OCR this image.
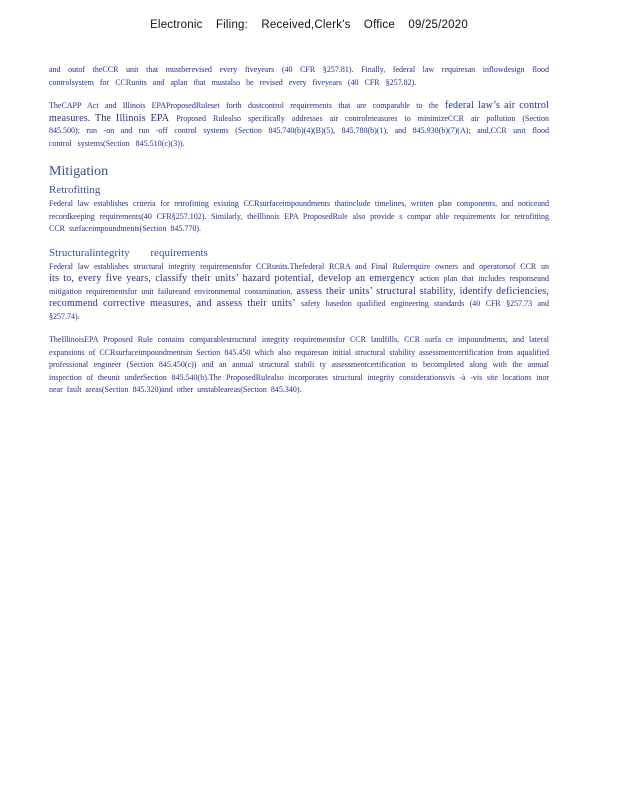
Electronic Filing: Received,Clerk's Office 09/25/2020

and outof theCCR unit that mustberevised every fiveyears (40 CFR §257.81). Finally, federal law requiresan inflowdesign flood controlsystem for CCRunits and aplan that mustalso be revised every fiveyears (40 CFR §257.82).

TheCAPP Act and Illinois EPAProposedRuleset forth dustcontrol requirements that are comparable to the federal law’s air control measures. The Illinois EPA Proposed Rulealso specifically addresses air controlmeasures to minimizeCCR air pollution (Section 845.500); run -on and run -off control systems (Section 845.740(b)(4)(B)(5), 845.780(b)(1), and 845.930(b)(7)(A); and,CCR unit flood control systems(Section 845.510(c)(3)).

Mitigation
Retrofitting

Federal law establishes criteria for retrofitting existing CCRsurfaceimpoundments thatinclude timelines, written plan components, and noticeand recordkeeping requirements(40 CFR§257.102). Similarly, theIllinois EPA ProposedRule also provide s compar able requirements for retrofitting CCR surfaceimpoundments(Section 845.770).

Structuralintegrity requirements

Federal law establishes structural integrity requirementsfor CCRunits.Thefederal RCRA and Final Rulerequire owners and operatorsof CCR un its to, every five years, classify their units’ hazard potential, develop an emergency action plan that includes responseand mitigation requirementsfor unit failureand environmental contamination, assess their units’ structural stability, identify deficiencies, recommend corrective measures, and assess their units’ safety basedon qualified engineering standards (40 CFR §257.73 and §257.74).

TheIllinoisEPA Proposed Rule contains comparablestructural integrity requirementsfor CCR landfills, CCR surfa ce impoundments, and lateral expansions of CCRsurfaceimpoundmentsin Section 845.450 which also requiresan initial structural stability assessmentcertification from aqualified professional engineer (Section 845.450(c)) and an annual structural stabili ty assessmentcertification to becompleted along with the annual inspection of theunit underSection 845.540(b).The ProposedRulealso incorporates structural integrity considerationsvis -à -vis site locations inor near fault areas(Section 845.320)and other unstableareas(Section 845.340).
